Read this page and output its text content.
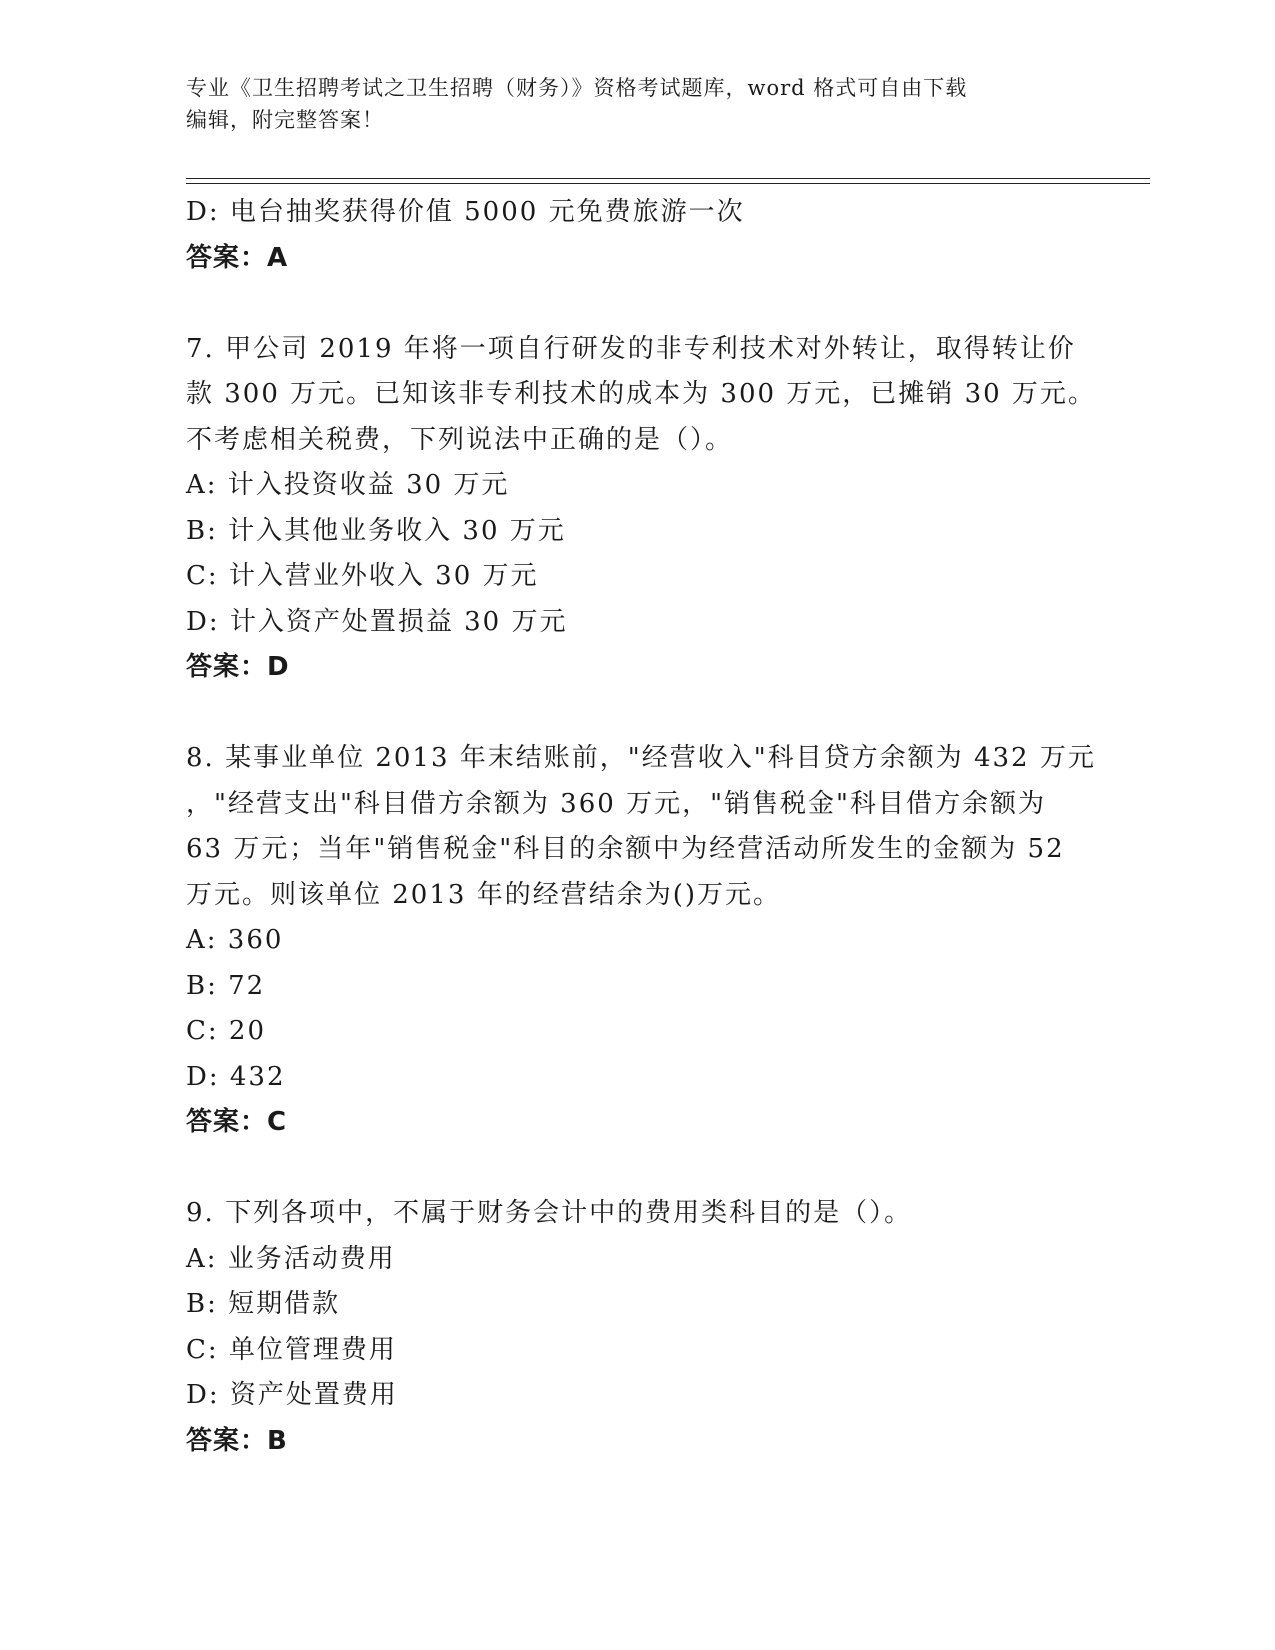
专业《卫生招聘考试之卫生招聘（财务）》资格考试题库，word 格式可自由下载
编辑，附完整答案！
D: 电台抽奖获得价值 5000 元免费旅游一次
答案：A
7. 甲公司 2019 年将一项自行研发的非专利技术对外转让，取得转让价
款 300 万元。已知该非专利技术的成本为 300 万元，已摊销 30 万元。
不考虑相关税费，下列说法中正确的是（）。
A: 计入投资收益 30 万元
B: 计入其他业务收入 30 万元
C: 计入营业外收入 30 万元
D: 计入资产处置损益 30 万元
答案：D
8. 某事业单位 2013 年末结账前，"经营收入"科目贷方余额为 432 万元
，"经营支出"科目借方余额为 360 万元，"销售税金"科目借方余额为
63 万元；当年"销售税金"科目的余额中为经营活动所发生的金额为 52
万元。则该单位 2013 年的经营结余为()万元。
A: 360
B: 72
C: 20
D: 432
答案：C
9. 下列各项中，不属于财务会计中的费用类科目的是（）。
A: 业务活动费用
B: 短期借款
C: 单位管理费用
D: 资产处置费用
答案：B
